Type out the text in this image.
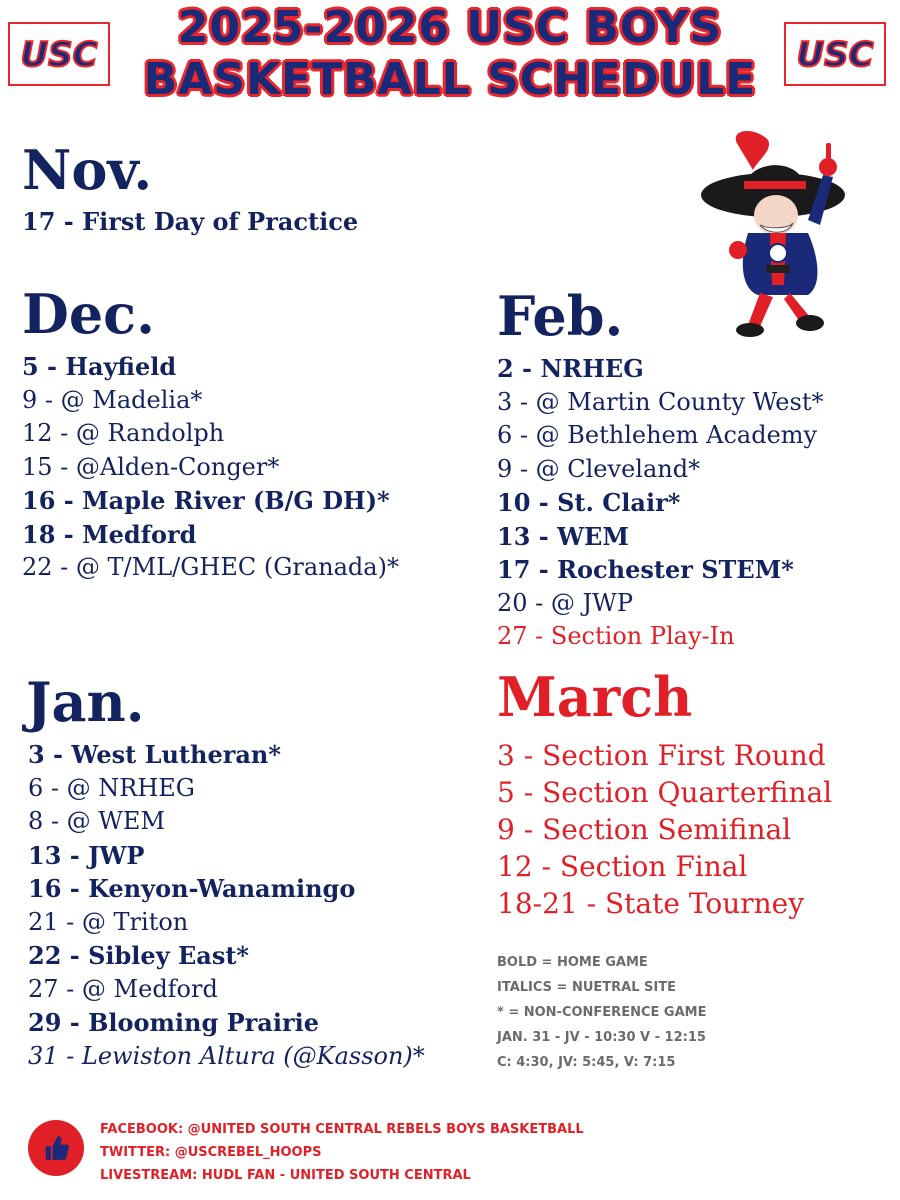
USC	USC
2025-2026 USC BOYS
BASKETBALL SCHEDULE
Nov.
17 - First Day of Practice
Dec.
5 - Hayfield
9 - @ Madelia*
12 - @ Randolph
15 - @Alden-Conger*
16 - Maple River (B/G DH)*
18 - Medford
22 - @ T/ML/GHEC (Granada)*
Jan.
3 - West Lutheran*
6 - @ NRHEG
8 - @ WEM
13 - JWP
16 - Kenyon-Wanamingo
21 - @ Triton
22 - Sibley East*
27 - @ Medford
29 - Blooming Prairie
31 - Lewiston Altura (@Kasson)*
Feb.
2 - NRHEG
3 - @ Martin County West*
6 - @ Bethlehem Academy
9 - @ Cleveland*
10 - St. Clair*
13 - WEM
17 - Rochester STEM*
20 - @ JWP
27 - Section Play-In
March
3 - Section First Round
5 - Section Quarterfinal
9 - Section Semifinal
12 - Section Final
18-21 - State Tourney
BOLD = HOME GAME
ITALICS = NUETRAL SITE
* = NON-CONFERENCE GAME
JAN. 31 - JV - 10:30 V - 12:15
C: 4:30, JV: 5:45, V: 7:15
FACEBOOK: @UNITED SOUTH CENTRAL REBELS BOYS BASKETBALL
TWITTER: @USCREBEL_HOOPS
LIVESTREAM: HUDL FAN - UNITED SOUTH CENTRAL
